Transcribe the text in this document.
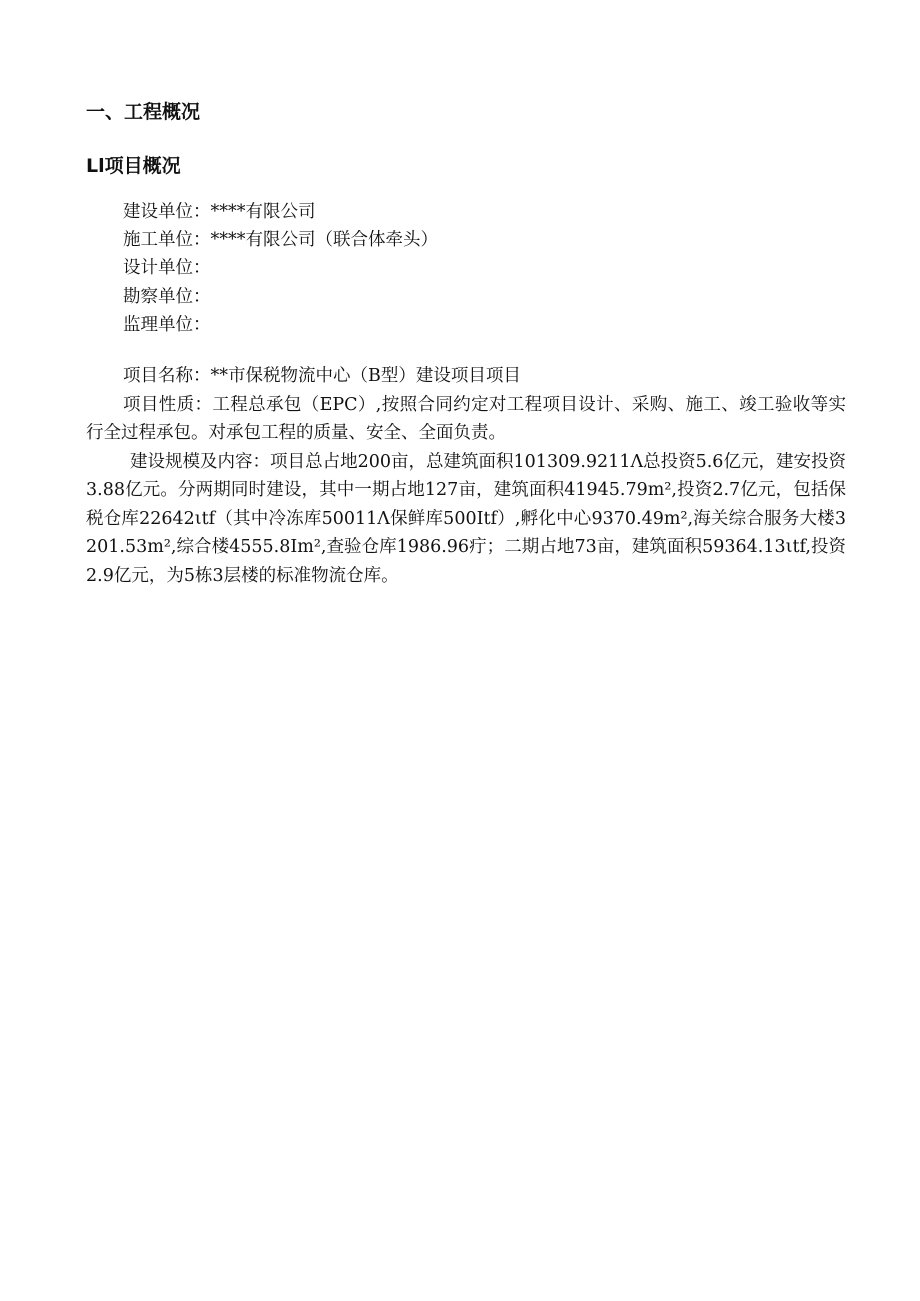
一、工程概况
Ll项目概况
建设单位：****有限公司
施工单位：****有限公司（联合体牵头）
设计单位：
勘察单位：
监理单位：

项目名称：**市保税物流中心（B型）建设项目项目

项目性质：工程总承包（EPC）,按照合同约定对工程项目设计、采购、施工、竣工验收等实行全过程承包。对承包工程的质量、安全、全面负责。

建设规模及内容：项目总占地200亩，总建筑面积101309.9211Λ总投资5.6亿元，建安投资3.88亿元。分两期同时建设，其中一期占地127亩，建筑面积41945.79m²,投资2.7亿元，包括保税仓库22642ιtf（其中冷冻库50011Λ保鲜库500Itf）,孵化中心9370.49m²,海关综合服务大楼3201.53m²,综合楼4555.8Im²,查验仓库1986.96疔；二期占地73亩，建筑面积59364.13ιtf,投资2.9亿元，为5栋3层楼的标准物流仓库。
